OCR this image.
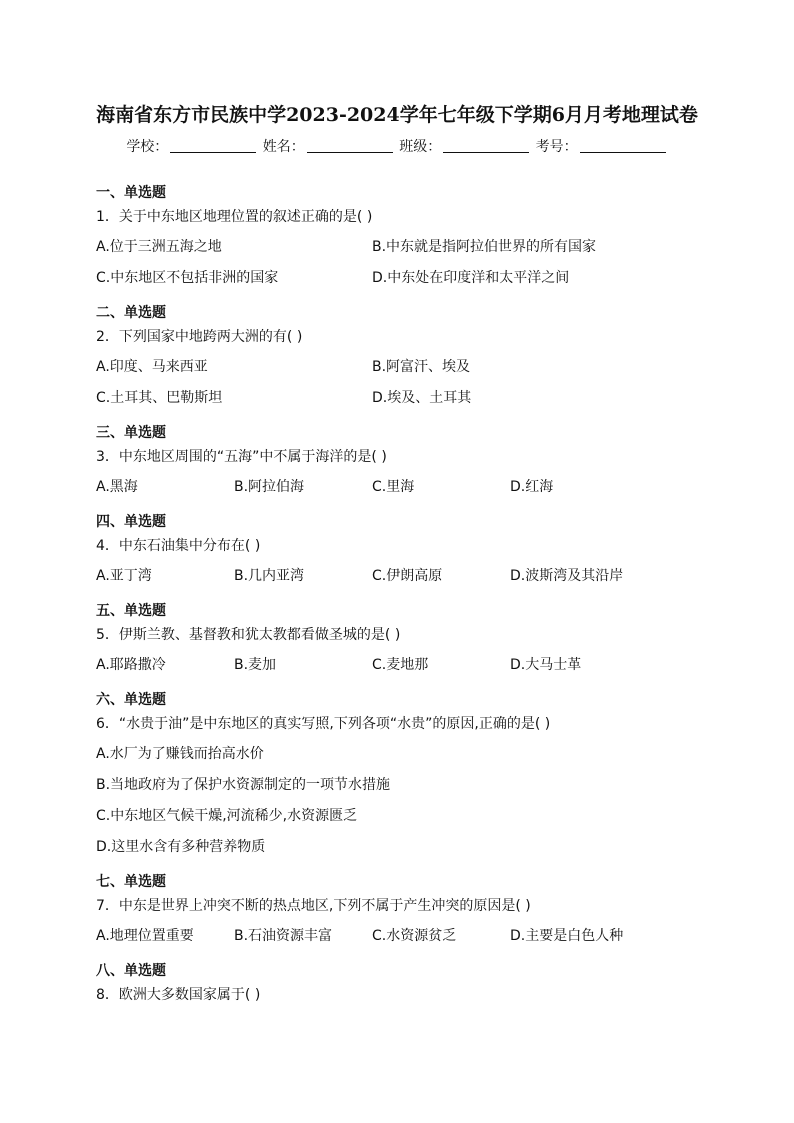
海南省东方市民族中学2023-2024学年七年级下学期6月月考地理试卷
学校：	姓名：	班级：	考号：
一、单选题
1．关于中东地区地理位置的叙述正确的是( )
A.位于三洲五海之地	B.中东就是指阿拉伯世界的所有国家
C.中东地区不包括非洲的国家	D.中东处在印度洋和太平洋之间
二、单选题
2．下列国家中地跨两大洲的有( )
A.印度、马来西亚	B.阿富汗、埃及
C.土耳其、巴勒斯坦	D.埃及、土耳其
三、单选题
3．中东地区周围的“五海”中不属于海洋的是( )
A.黑海	B.阿拉伯海	C.里海	D.红海
四、单选题
4．中东石油集中分布在( )
A.亚丁湾	B.几内亚湾	C.伊朗高原	D.波斯湾及其沿岸
五、单选题
5．伊斯兰教、基督教和犹太教都看做圣城的是( )
A.耶路撒冷	B.麦加	C.麦地那	D.大马士革
六、单选题
6．“水贵于油”是中东地区的真实写照,下列各项“水贵”的原因,正确的是( )
A.水厂为了赚钱而抬高水价
B.当地政府为了保护水资源制定的一项节水措施
C.中东地区气候干燥,河流稀少,水资源匮乏
D.这里水含有多种营养物质
七、单选题
7．中东是世界上冲突不断的热点地区,下列不属于产生冲突的原因是( )
A.地理位置重要	B.石油资源丰富	C.水资源贫乏	D.主要是白色人种
八、单选题
8．欧洲大多数国家属于( )
